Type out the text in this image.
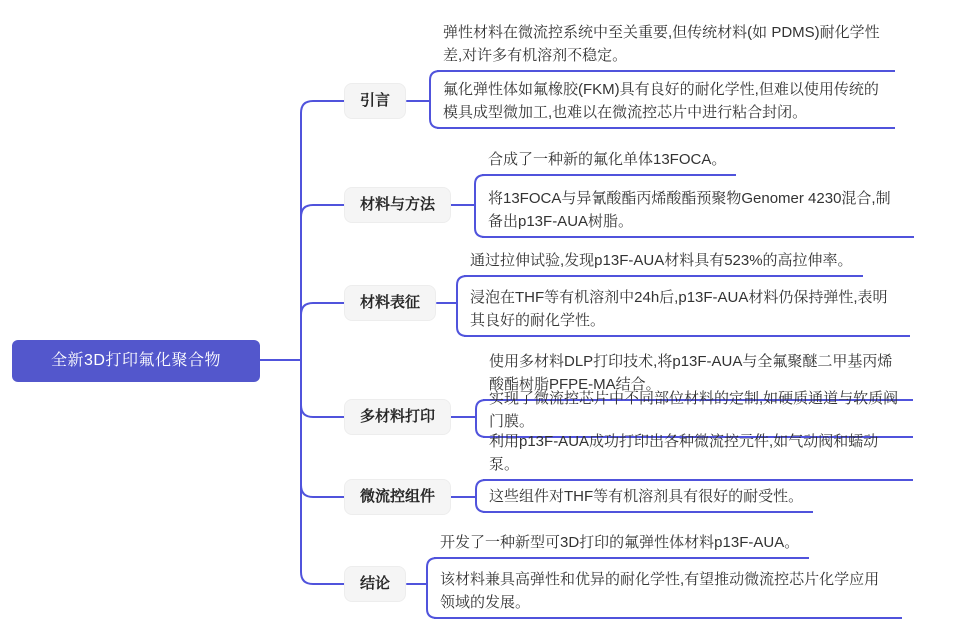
全新3D打印氟化聚合物
引言
弹性材料在微流控系统中至关重要,但传统材料(如 PDMS)耐化学性差,对许多有机溶剂不稳定。
氟化弹性体如氟橡胶(FKM)具有良好的耐化学性,但难以使用传统的模具成型微加工,也难以在微流控芯片中进行粘合封闭。
材料与方法
合成了一种新的氟化单体13FOCA。
将13FOCA与异氰酸酯丙烯酸酯预聚物Genomer 4230混合,制备出p13F-AUA树脂。
材料表征
通过拉伸试验,发现p13F-AUA材料具有523%的高拉伸率。
浸泡在THF等有机溶剂中24h后,p13F-AUA材料仍保持弹性,表明其良好的耐化学性。
多材料打印
使用多材料DLP打印技术,将p13F-AUA与全氟聚醚二甲基丙烯酸酯树脂PFPE-MA结合。
实现了微流控芯片中不同部位材料的定制,如硬质通道与软质阀门膜。
微流控组件
利用p13F-AUA成功打印出各种微流控元件,如气动阀和蠕动泵。
这些组件对THF等有机溶剂具有很好的耐受性。
结论
开发了一种新型可3D打印的氟弹性体材料p13F-AUA。
该材料兼具高弹性和优异的耐化学性,有望推动微流控芯片化学应用领域的发展。
